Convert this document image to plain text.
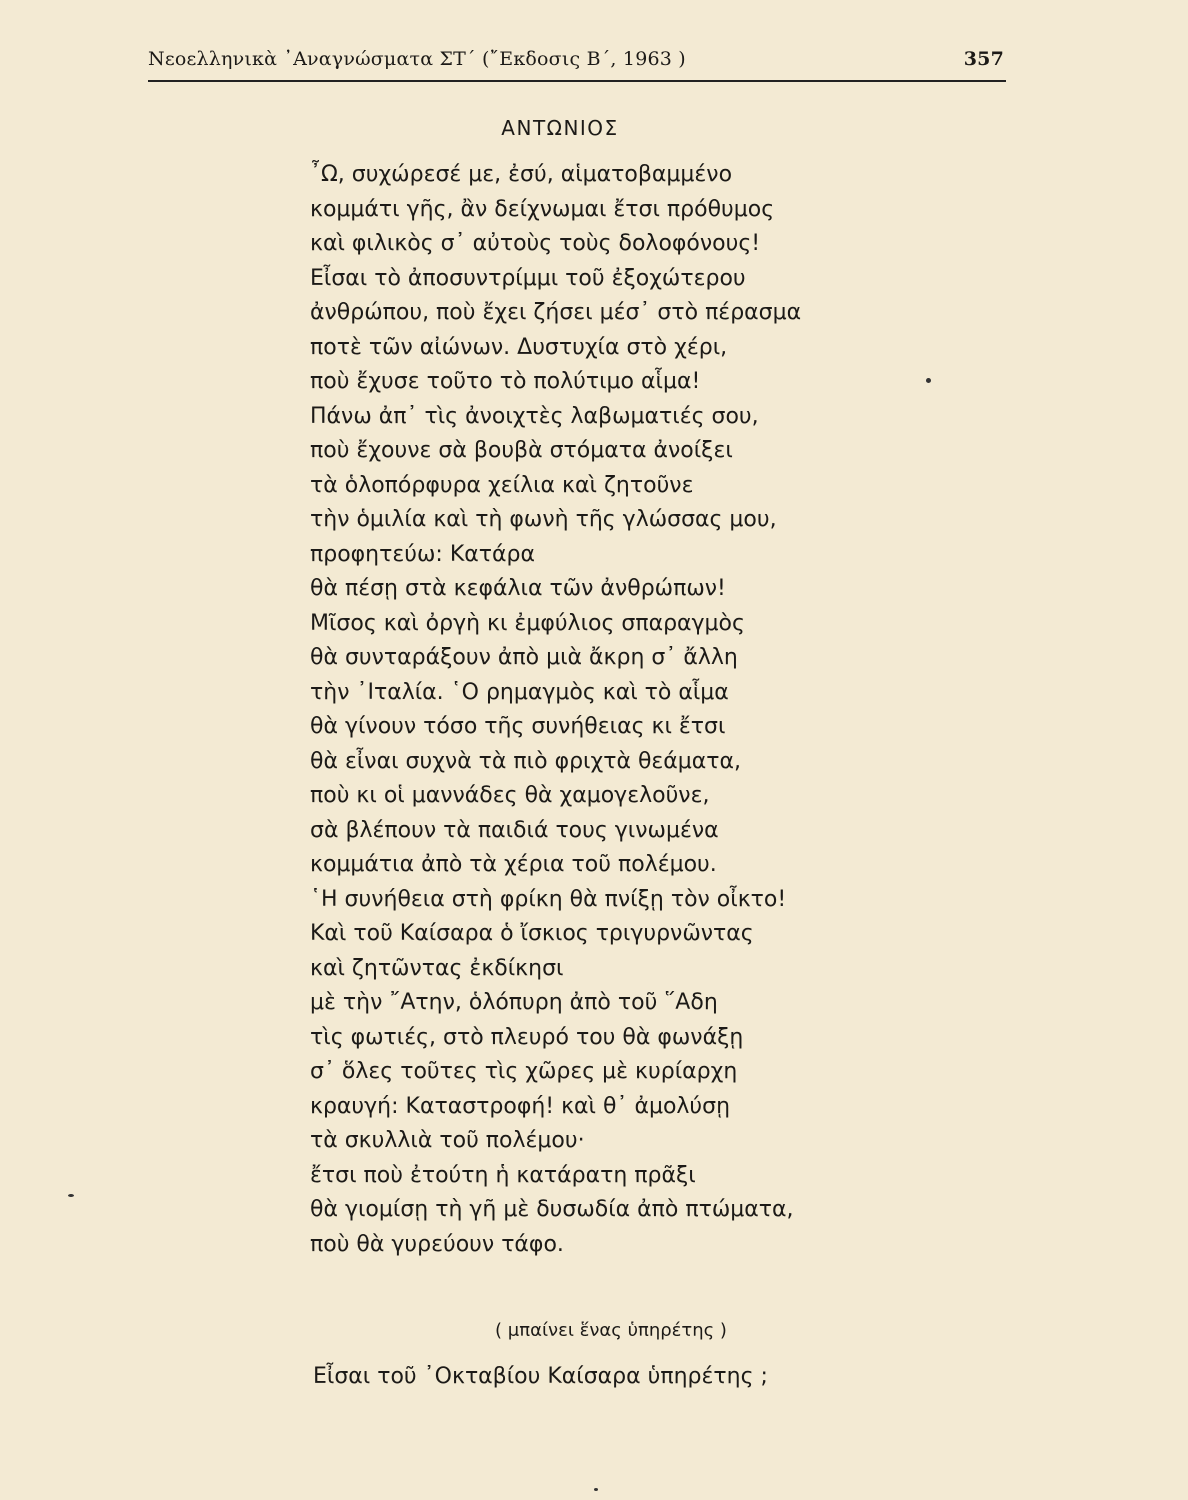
Νεοελληνικὰ ᾿Αναγνώσματα ΣΤ΄ (῎Εκδοσις Β΄, 1963 )	357
ΑΝΤΩΝΙΟΣ
῏Ω, συχώρεσέ με, ἐσύ, αἱματοβαμμένο
κομμάτι γῆς, ἂν δείχνωμαι ἔτσι πρόθυμος
καὶ φιλικὸς σ᾿ αὐτοὺς τοὺς δολοφόνους!
Εἶσαι τὸ ἀποσυντρίμμι τοῦ ἐξοχώτερου
ἀνθρώπου, ποὺ ἔχει ζήσει μέσ᾿ στὸ πέρασμα
ποτὲ τῶν αἰώνων. Δυστυχία στὸ χέρι,
ποὺ ἔχυσε τοῦτο τὸ πολύτιμο αἷμα!
Πάνω ἀπ᾿ τὶς ἀνοιχτὲς λαβωματιές σου,
ποὺ ἔχουνε σὰ βουβὰ στόματα ἀνοίξει
τὰ ὁλοπόρφυρα χείλια καὶ ζητοῦνε
τὴν ὁμιλία καὶ τὴ φωνὴ τῆς γλώσσας μου,
προφητεύω: Κατάρα
θὰ πέσῃ στὰ κεφάλια τῶν ἀνθρώπων!
Μῖσος καὶ ὀργὴ κι ἐμφύλιος σπαραγμὸς
θὰ συνταράξουν ἀπὸ μιὰ ἄκρη σ᾿ ἄλλη
τὴν ᾿Ιταλία. ῾Ο ρημαγμὸς καὶ τὸ αἷμα
θὰ γίνουν τόσο τῆς συνήθειας κι ἔτσι
θὰ εἶναι συχνὰ τὰ πιὸ φριχτὰ θεάματα,
ποὺ κι οἱ μαννάδες θὰ χαμογελοῦνε,
σὰ βλέπουν τὰ παιδιά τους γινωμένα
κομμάτια ἀπὸ τὰ χέρια τοῦ πολέμου.
῾Η συνήθεια στὴ φρίκη θὰ πνίξῃ τὸν οἶκτο!
Καὶ τοῦ Καίσαρα ὁ ἴσκιος τριγυρνῶντας
καὶ ζητῶντας ἐκδίκησι
μὲ τὴν ῎Ατην, ὁλόπυρη ἀπὸ τοῦ ῞Αδη
τὶς φωτιές, στὸ πλευρό του θὰ φωνάξῃ
σ᾿ ὅλες τοῦτες τὶς χῶρες μὲ κυρίαρχη
κραυγή: Καταστροφή! καὶ θ᾿ ἀμολύσῃ
τὰ σκυλλιὰ τοῦ πολέμου·
ἔτσι ποὺ ἐτούτη ἡ κατάρατη πρᾶξι
θὰ γιομίσῃ τὴ γῆ μὲ δυσωδία ἀπὸ πτώματα,
ποὺ θὰ γυρεύουν τάφο.
( μπαίνει ἕνας ὑπηρέτης )
Εἶσαι τοῦ ᾿Οκταβίου Καίσαρα ὑπηρέτης ;
